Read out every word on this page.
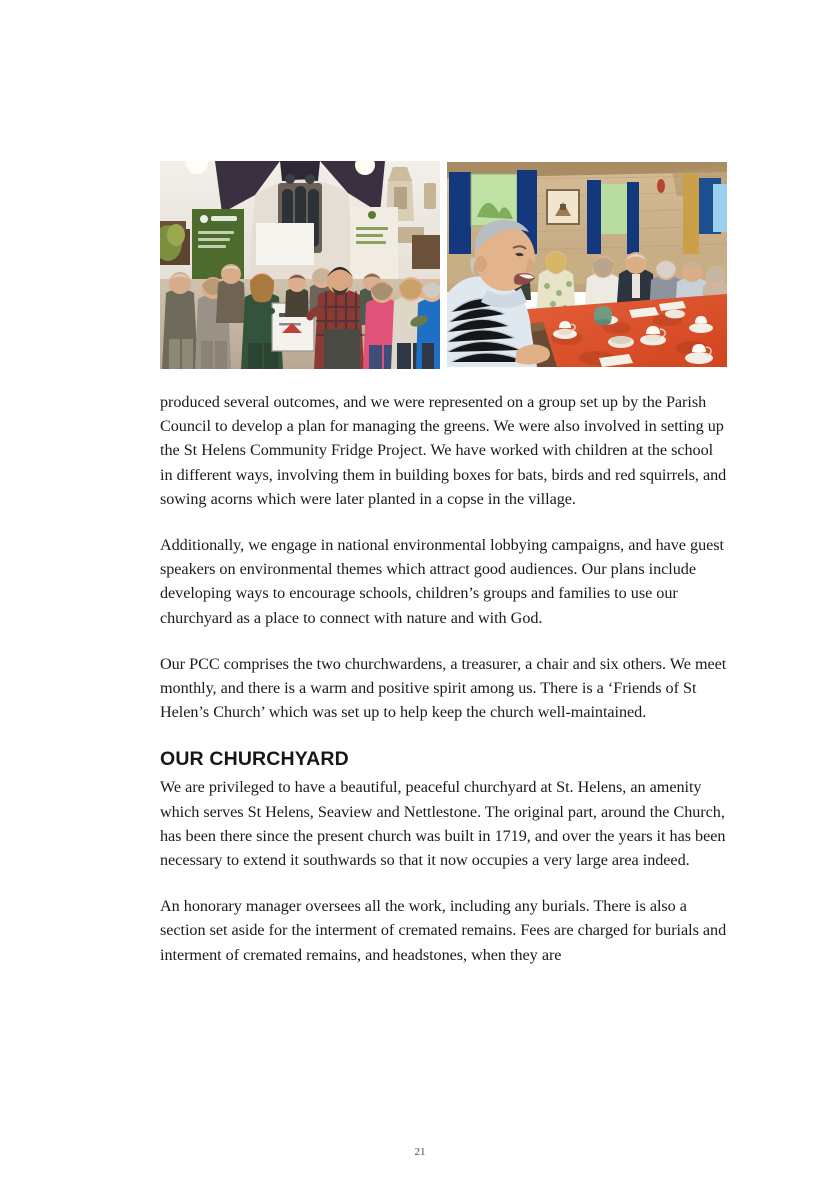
produced several outcomes, and we were represented on a group set up by the Parish Council to develop a plan for managing the greens. We were also involved in setting up the St Helens Community Fridge Project. We have worked with children at the school in different ways, involving them in building boxes for bats, birds and red squirrels, and sowing acorns which were later planted in a copse in the village.

Additionally, we engage in national environmental lobbying campaigns, and have guest speakers on environmental themes which attract good audiences. Our plans include developing ways to encourage schools, children’s groups and families to use our churchyard as a place to connect with nature and with God.

Our PCC comprises the two churchwardens, a treasurer, a chair and six others. We meet monthly, and there is a warm and positive spirit among us. There is a ‘Friends of St Helen’s Church’ which was set up to help keep the church well-maintained.

OUR CHURCHYARD

We are privileged to have a beautiful, peaceful churchyard at St. Helens, an amenity which serves St Helens, Seaview and Nettlestone. The original part, around the Church, has been there since the present church was built in 1719, and over the years it has been necessary to extend it southwards so that it now occupies a very large area indeed.

An honorary manager oversees all the work, including any burials. There is also a section set aside for the interment of cremated remains. Fees are charged for burials and interment of cremated remains, and headstones, when they are

21
